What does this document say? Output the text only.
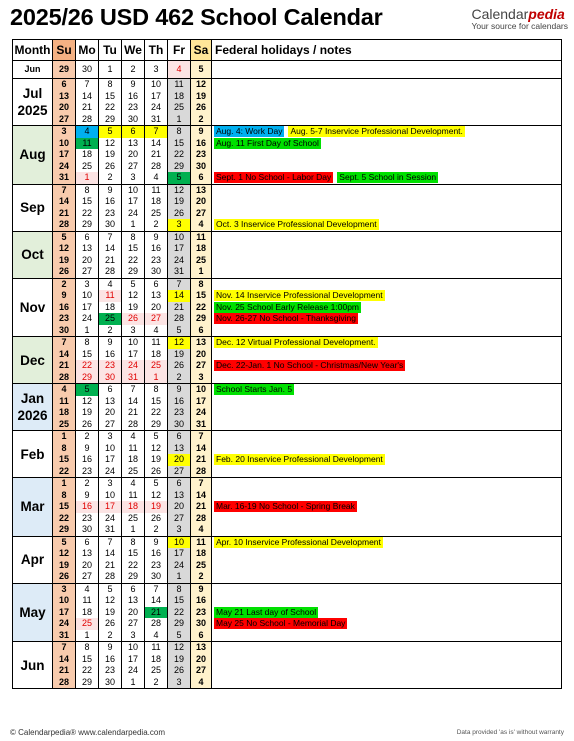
2025/26 USD 462 School Calendar	Calendarpedia
Your source for calendars
Month	Su	Mo	Tu	We	Th	Fr	Sa	Federal holidays / notes
Jun	29	30	1	2	3	4	5	
Jul
2025	6	7	8	9	10	11	12	
	13	14	15	16	17	18	19	
	20	21	22	23	24	25	26	
	27	28	29	30	31	1	2	
Aug	3	4	5	6	7	8	9	Aug. 4: Work Day Aug. 5-7 Inservice Professional Development.
	10	11	12	13	14	15	16	Aug. 11 First Day of School
	17	18	19	20	21	22	23	
	24	25	26	27	28	29	30	
	31	1	2	3	4	5	6	Sept. 1 No School - Labor Day Sept. 5 School in Session
Sep	7	8	9	10	11	12	13	
	14	15	16	17	18	19	20	
	21	22	23	24	25	26	27	
	28	29	30	1	2	3	4	Oct. 3 Inservice Professional Development
Oct	5	6	7	8	9	10	11	
	12	13	14	15	16	17	18	
	19	20	21	22	23	24	25	
	26	27	28	29	30	31	1	
Nov	2	3	4	5	6	7	8	
	9	10	11	12	13	14	15	Nov. 14 Inservice Professional Development
	16	17	18	19	20	21	22	Nov. 25 School Early Release 1:00pm
	23	24	25	26	27	28	29	Nov. 26-27 No School - Thanksgiving
	30	1	2	3	4	5	6	
Dec	7	8	9	10	11	12	13	Dec. 12 Virtual Professional Development.
	14	15	16	17	18	19	20	
	21	22	23	24	25	26	27	Dec. 22-Jan. 1 No School - Christmas/New Year's
	28	29	30	31	1	2	3	
Jan
2026	4	5	6	7	8	9	10	School Starts Jan. 5
	11	12	13	14	15	16	17	
	18	19	20	21	22	23	24	
	25	26	27	28	29	30	31	
Feb	1	2	3	4	5	6	7	
	8	9	10	11	12	13	14	
	15	16	17	18	19	20	21	Feb. 20 Inservice Professional Development
	22	23	24	25	26	27	28	
Mar	1	2	3	4	5	6	7	
	8	9	10	11	12	13	14	
	15	16	17	18	19	20	21	Mar. 16-19 No School - Spring Break
	22	23	24	25	26	27	28	
	29	30	31	1	2	3	4	
Apr	5	6	7	8	9	10	11	Apr. 10 Inservice Professional Development
	12	13	14	15	16	17	18	
	19	20	21	22	23	24	25	
	26	27	28	29	30	1	2	
May	3	4	5	6	7	8	9	
	10	11	12	13	14	15	16	
	17	18	19	20	21	22	23	May 21 Last day of School
	24	25	26	27	28	29	30	May 25 No School - Memorial Day
	31	1	2	3	4	5	6	
Jun	7	8	9	10	11	12	13	
	14	15	16	17	18	19	20	
	21	22	23	24	25	26	27	
	28	29	30	1	2	3	4	
© Calendarpedia® www.calendarpedia.com	Data provided 'as is' without warranty
